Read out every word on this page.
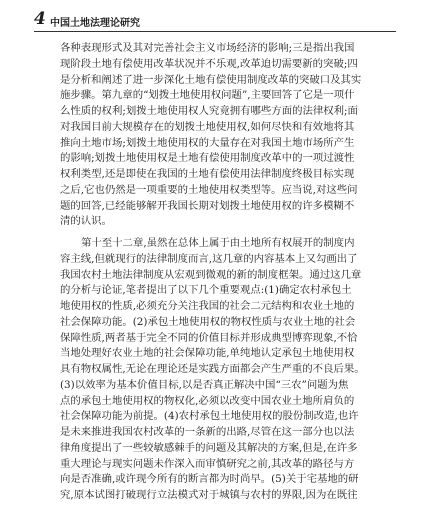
4 中国土地法理论研究
各种表现形式及其对完善社会主义市场经济的影响;三是指出我国
现阶段土地有偿使用改革状况并不乐观,改革迫切需要新的突破;四
是分析和阐述了进一步深化土地有偿使用制度改革的突破口及其实
施步骤。第九章的“划拨土地使用权问题”,主要回答了它是一项什
么性质的权利;划拨土地使用权人究竟拥有哪些方面的法律权利;面
对我国目前大规模存在的划拨土地使用权,如何尽快和有效地将其
推向土地市场;划拨土地使用权的大量存在对我国土地市场所产生
的影响;划拨土地使用权是土地有偿使用制度改革中的一项过渡性
权利类型,还是即使在我国的土地有偿使用法律制度终极目标实现
之后,它也仍然是一项重要的土地使用权类型等。应当说,对这些问
题的回答,已经能够解开我国长期对划拨土地使用权的许多模糊不
清的认识。
第十至十二章,虽然在总体上属于由土地所有权展开的制度内
容主线,但就现行的法律制度而言,这几章的内容基本上又勾画出了
我国农村土地法律制度从宏观到微观的新的制度框架。通过这几章
的分析与论证,笔者提出了以下几个重要观点:(1)确定农村承包土
地使用权的性质,必须充分关注我国的社会二元结构和农业土地的
社会保障功能。(2)承包土地使用权的物权性质与农业土地的社会
保障性质,两者基于完全不同的价值目标并形成典型博弈现象,不恰
当地处理好农业土地的社会保障功能,单纯地认定承包土地使用权
具有物权属性,无论在理论还是实践方面都会产生严重的不良后果。
(3)以效率为基本价值目标,以是否真正解决中国“三农”问题为焦
点的承包土地使用权的物权化,必须以改变中国农业土地所肩负的
社会保障功能为前提。(4)农村承包土地使用权的股份制改造,也许
是未来推进我国农村改革的一条新的出路,尽管在这一部分也以法
律角度提出了一些较敏感棘手的问题及其解决的方案,但是,在许多
重大理论与现实问题未作深入而审慎研究之前,其改革的路径与方
向是否准确,或许现今所有的断言都为时尚早。(5)关于宅基地的研
究,原本试图打破现行立法模式对于城镇与农村的界限,因为在既往
